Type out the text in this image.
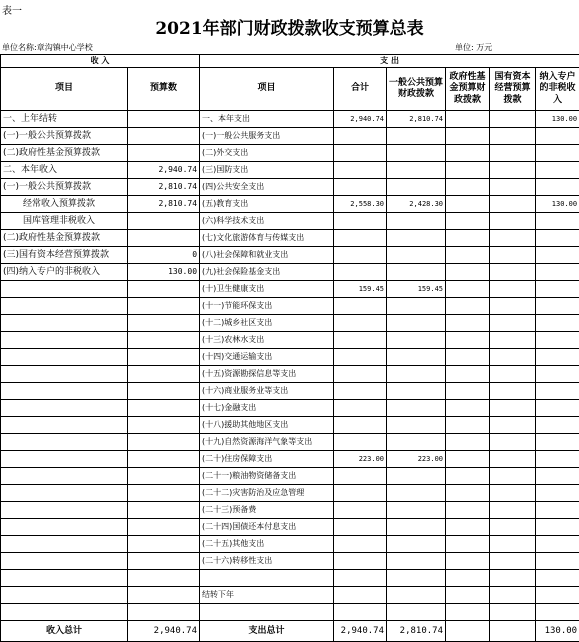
表一
2021年部门财政拨款收支预算总表
单位名称:章沟镇中心学校	单位: 万元
收 入		支 出					
项目	预算数	项目	合计	一般公共预算财政拨款	政府性基金预算财政拨款	国有资本经营预算拨款	纳入专户的非税收入
一、上年结转		一、本年支出	2,940.74	2,810.74			130.00
(一)一般公共预算拨款		(一)一般公共服务支出					
(二)政府性基金预算拨款		(二)外交支出					
二、本年收入	2,940.74	(三)国防支出					
(一)一般公共预算拨款	2,810.74	(四)公共安全支出					
经常收入预算拨款	2,810.74	(五)教育支出	2,558.30	2,428.30			130.00
国库管理非税收入		(六)科学技术支出					
(二)政府性基金预算拨款		(七)文化旅游体育与传媒支出					
(三)国有资本经营预算拨款	0	(八)社会保障和就业支出					
(四)纳入专户的非税收入	130.00	(九)社会保险基金支出					
		(十)卫生健康支出	159.45	159.45			
		(十一)节能环保支出					
		(十二)城乡社区支出					
		(十三)农林水支出					
		(十四)交通运输支出					
		(十五)资源勘探信息等支出					
		(十六)商业服务业等支出					
		(十七)金融支出					
		(十八)援助其他地区支出					
		(十九)自然资源海洋气象等支出					
		(二十)住房保障支出	223.00	223.00			
		(二十一)粮油物资储备支出					
		(二十二)灾害防治及应急管理					
		(二十三)预备费					
		(二十四)国债还本付息支出					
		(二十五)其他支出					
		(二十六)转移性支出					

		结转下年					

收入总计	2,940.74	支出总计	2,940.74	2,810.74			130.00
